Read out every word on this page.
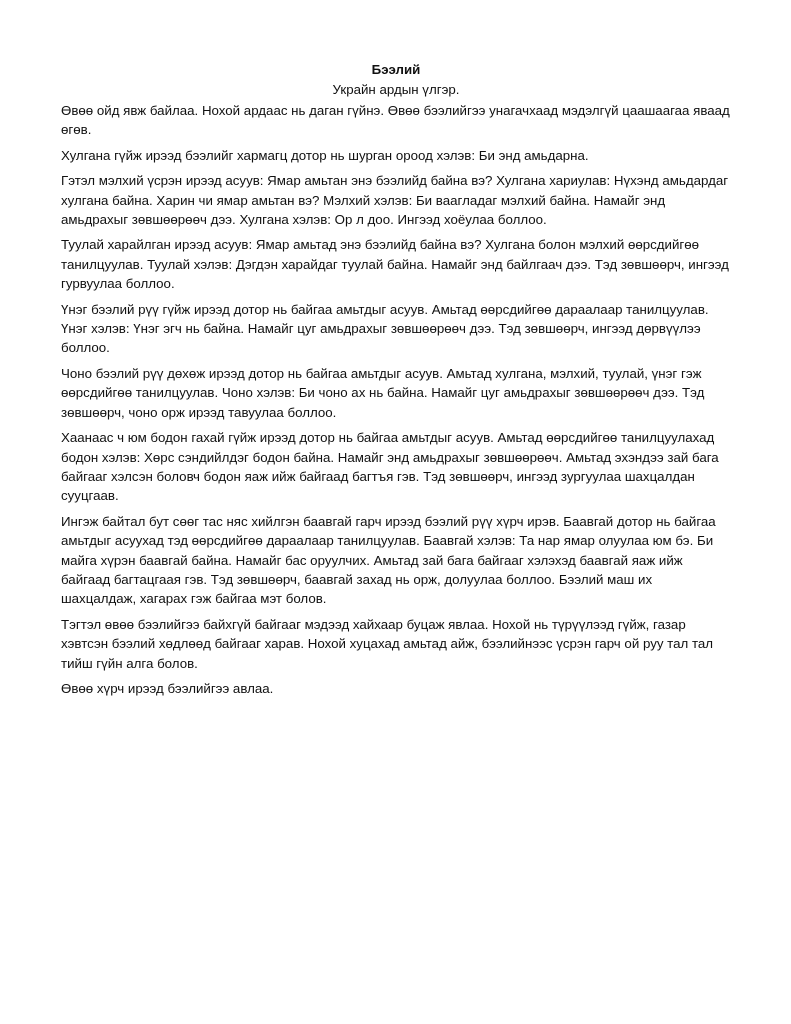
Бээлий
Украйн ардын үлгэр.

Өвөө ойд явж байлаа. Нохой ардаас нь даган гүйнэ. Өвөө бээлийгээ унагачхаад мэдэлгүй цаашаагаа яваад өгөв.

Хулгана гүйж ирээд бээлийг хармагц дотор нь шурган ороод хэлэв: Би энд амьдарна.

Гэтэл мэлхий үсрэн ирээд асуув: Ямар амьтан энэ бээлийд байна вэ? Хулгана хариулав: Нүхэнд амьдардаг хулгана байна. Харин чи ямар амьтан вэ? Мэлхий хэлэв: Би ваагладаг мэлхий байна. Намайг энд амьдрахыг зөвшөөрөөч дээ. Хулгана хэлэв: Ор л доо. Ингээд хоёулаа боллоо.

Туулай харайлган ирээд асуув: Ямар амьтад энэ бээлийд байна вэ? Хулгана болон мэлхий өөрсдийгөө танилцуулав. Туулай хэлэв: Дэгдэн харайдаг туулай байна. Намайг энд байлгаач дээ. Тэд зөвшөөрч, ингээд гурвуулаа боллоо.

Үнэг бээлий рүү гүйж ирээд дотор нь байгаа амьтдыг асуув. Амьтад өөрсдийгөө дараалаар танилцуулав. Үнэг хэлэв: Үнэг эгч нь байна. Намайг цуг амьдрахыг зөвшөөрөөч дээ. Тэд зөвшөөрч, ингээд дөрвүүлээ боллоо.

Чоно бээлий рүү дөхөж ирээд дотор нь байгаа амьтдыг асуув. Амьтад хулгана, мэлхий, туулай, үнэг гэж өөрсдийгөө танилцуулав. Чоно хэлэв: Би чоно ах нь байна. Намайг цуг амьдрахыг зөвшөөрөөч дээ. Тэд зөвшөөрч, чоно орж ирээд тавуулаа боллоо.

Хаанаас ч юм бодон гахай гүйж ирээд дотор нь байгаа амьтдыг асуув. Амьтад өөрсдийгөө танилцуулахад бодон хэлэв: Хөрс сэндийлдэг бодон байна. Намайг энд амьдрахыг зөвшөөрөөч. Амьтад эхэндээ зай бага байгааг хэлсэн боловч бодон яаж ийж байгаад багтъя гэв. Тэд зөвшөөрч, ингээд зургуулаа шахцалдан сууцгаав.

Ингэж байтал бут сөөг тас няс хийлгэн баавгай гарч ирээд бээлий рүү хүрч ирэв. Баавгай дотор нь байгаа амьтдыг асуухад тэд өөрсдийгөө дараалаар танилцуулав. Баавгай хэлэв: Та нар ямар олуулаа юм бэ. Би майга хүрэн баавгай байна. Намайг бас оруулчих. Амьтад зай бага байгааг хэлэхэд баавгай яаж ийж байгаад багтацгаая гэв. Тэд зөвшөөрч, баавгай захад нь орж, долуулаа боллоо. Бээлий маш их шахцалдаж, хагарах гэж байгаа мэт болов.

Тэгтэл өвөө бээлийгээ байхгүй байгааг мэдээд хайхаар буцаж явлаа. Нохой нь түрүүлээд гүйж, газар хэвтсэн бээлий хөдлөөд байгааг харав. Нохой хуцахад амьтад айж, бээлийнээс үсрэн гарч ой руу тал тал тийш гүйн алга болов.

Өвөө хүрч ирээд бээлийгээ авлаа.
